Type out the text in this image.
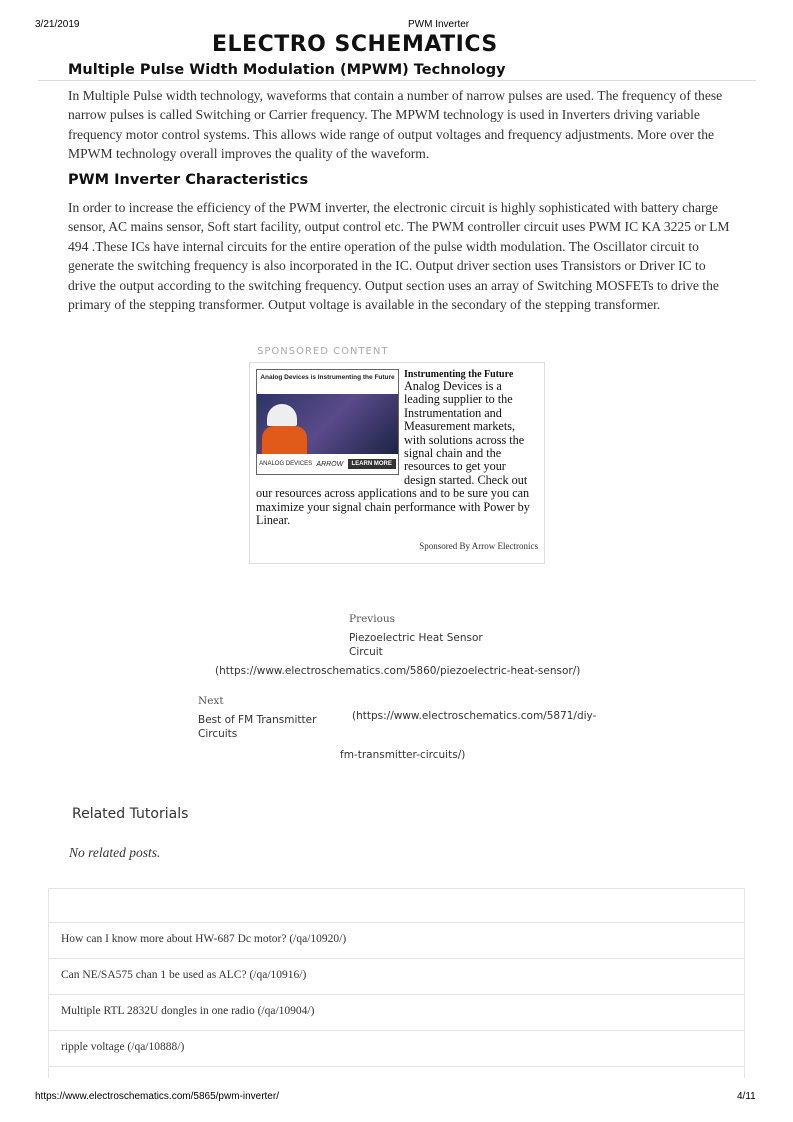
3/21/2019	PWM Inverter
ELECTRO SCHEMATICS
Multiple Pulse Width Modulation (MPWM) Technology

In Multiple Pulse width technology, waveforms that contain a number of narrow pulses are used. The frequency of these narrow pulses is called Switching or Carrier frequency. The MPWM technology is used in Inverters driving variable frequency motor control systems. This allows wide range of output voltages and frequency adjustments. More over the MPWM technology overall improves the quality of the waveform.

PWM Inverter Characteristics

In order to increase the efficiency of the PWM inverter, the electronic circuit is highly sophisticated with battery charge sensor, AC mains sensor, Soft start facility, output control etc. The PWM controller circuit uses PWM IC KA 3225 or LM 494 .These ICs have internal circuits for the entire operation of the pulse width modulation. The Oscillator circuit to generate the switching frequency is also incorporated in the IC. Output driver section uses Transistors or Driver IC to drive the output according to the switching frequency. Output section uses an array of Switching MOSFETs to drive the primary of the stepping transformer. Output voltage is available in the secondary of the stepping transformer.

SPONSORED CONTENT
Analog Devices is Instrumenting the Future
ANALOG DEVICES ARROW	LEARN MORE
Instrumenting the Future
Analog Devices is a leading supplier to the Instrumentation and Measurement markets, with solutions across the signal chain and the resources to get your design started. Check out our resources across applications and to be sure you can maximize your signal chain performance with Power by Linear.
Sponsored By Arrow Electronics
Previous
Piezoelectric Heat Sensor Circuit
(https://www.electroschematics.com/5860/piezoelectric-heat-sensor/)
Next
Best of FM Transmitter Circuits
(https://www.electroschematics.com/5871/diy-
fm-transmitter-circuits/)
Related Tutorials
No related posts.
How can I know more about HW-687 Dc motor? (/qa/10920/)
Can NE/SA575 chan 1 be used as ALC? (/qa/10916/)
Multiple RTL 2832U dongles in one radio (/qa/10904/)
ripple voltage (/qa/10888/)
https://www.electroschematics.com/5865/pwm-inverter/	4/11
